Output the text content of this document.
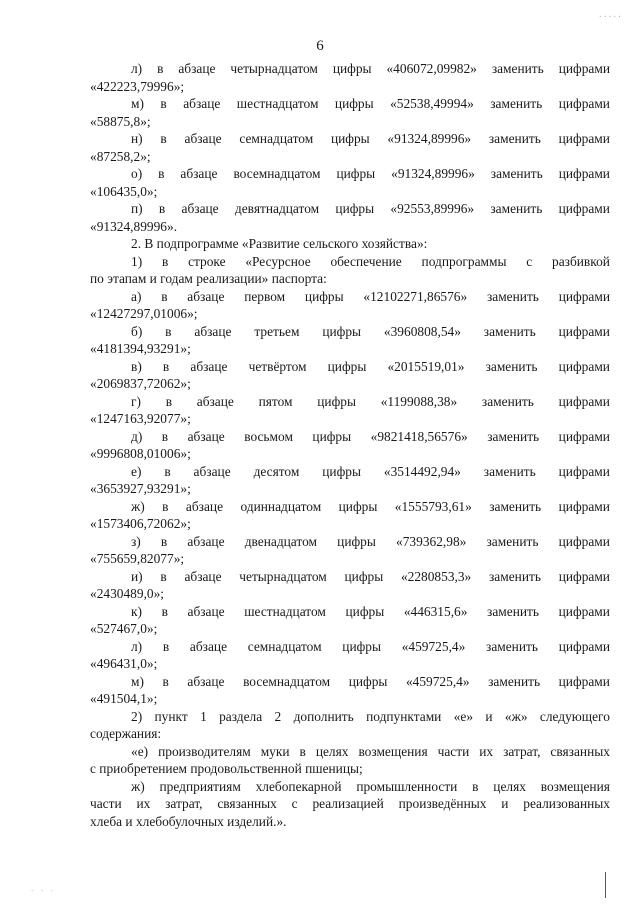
·····
6
л) в абзаце четырнадцатом цифры «406072,09982» заменить цифрами
«422223,79996»;
м) в абзаце шестнадцатом цифры «52538,49994» заменить цифрами
«58875,8»;
н) в абзаце семнадцатом цифры «91324,89996» заменить цифрами
«87258,2»;
о) в абзаце восемнадцатом цифры «91324,89996» заменить цифрами
«106435,0»;
п) в абзаце девятнадцатом цифры «92553,89996» заменить цифрами
«91324,89996».
2. В подпрограмме «Развитие сельского хозяйства»:
1) в строке «Ресурсное обеспечение подпрограммы с разбивкой
по этапам и годам реализации» паспорта:
а) в абзаце первом цифры «12102271,86576» заменить цифрами
«12427297,01006»;
б) в абзаце третьем цифры «3960808,54» заменить цифрами
«4181394,93291»;
в) в абзаце четвёртом цифры «2015519,01» заменить цифрами
«2069837,72062»;
г) в абзаце пятом цифры «1199088,38» заменить цифрами
«1247163,92077»;
д) в абзаце восьмом цифры «9821418,56576» заменить цифрами
«9996808,01006»;
е) в абзаце десятом цифры «3514492,94» заменить цифрами
«3653927,93291»;
ж) в абзаце одиннадцатом цифры «1555793,61» заменить цифрами
«1573406,72062»;
з) в абзаце двенадцатом цифры «739362,98» заменить цифрами
«755659,82077»;
и) в абзаце четырнадцатом цифры «2280853,3» заменить цифрами
«2430489,0»;
к) в абзаце шестнадцатом цифры «446315,6» заменить цифрами
«527467,0»;
л) в абзаце семнадцатом цифры «459725,4» заменить цифрами
«496431,0»;
м) в абзаце восемнадцатом цифры «459725,4» заменить цифрами
«491504,1»;
2) пункт 1 раздела 2 дополнить подпунктами «е» и «ж» следующего
содержания:
«е) производителям муки в целях возмещения части их затрат, связанных
с приобретением продовольственной пшеницы;
ж) предприятиям хлебопекарной промышленности в целях возмещения
части их затрат, связанных с реализацией произведённых и реализованных
хлеба и хлебобулочных изделий.».
- - -
